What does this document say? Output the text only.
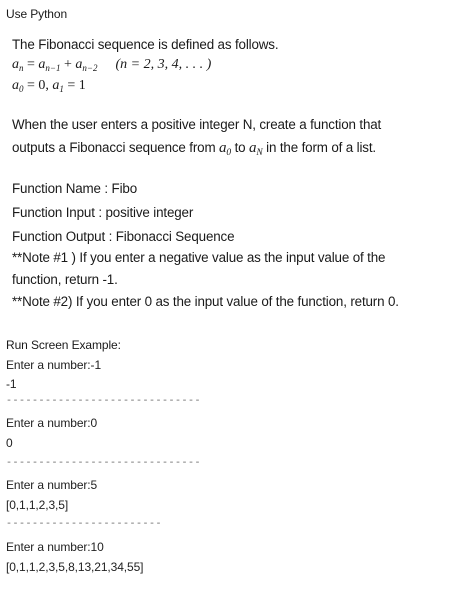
Use Python
The Fibonacci sequence is defined as follows.
$a_n = a_{n-1} + a_{n-2}$ (n = 2, 3, 4, . . . )
$a_0 = 0$, $a_1 = 1$
When the user enters a positive integer N, create a function that
outputs a Fibonacci sequence from $a_0$ to $a_N$ in the form of a list.
Function Name : Fibo
Function Input : positive integer
Function Output : Fibonacci Sequence
**Note #1 ) If you enter a negative value as the input value of the
function, return -1.
**Note #2) If you enter 0 as the input value of the function, return 0.
Run Screen Example:
Enter a number:-1
-1
------------------------------
Enter a number:0
0
------------------------------
Enter a number:5
[0,1,1,2,3,5]
------------------------
Enter a number:10
[0,1,1,2,3,5,8,13,21,34,55]
